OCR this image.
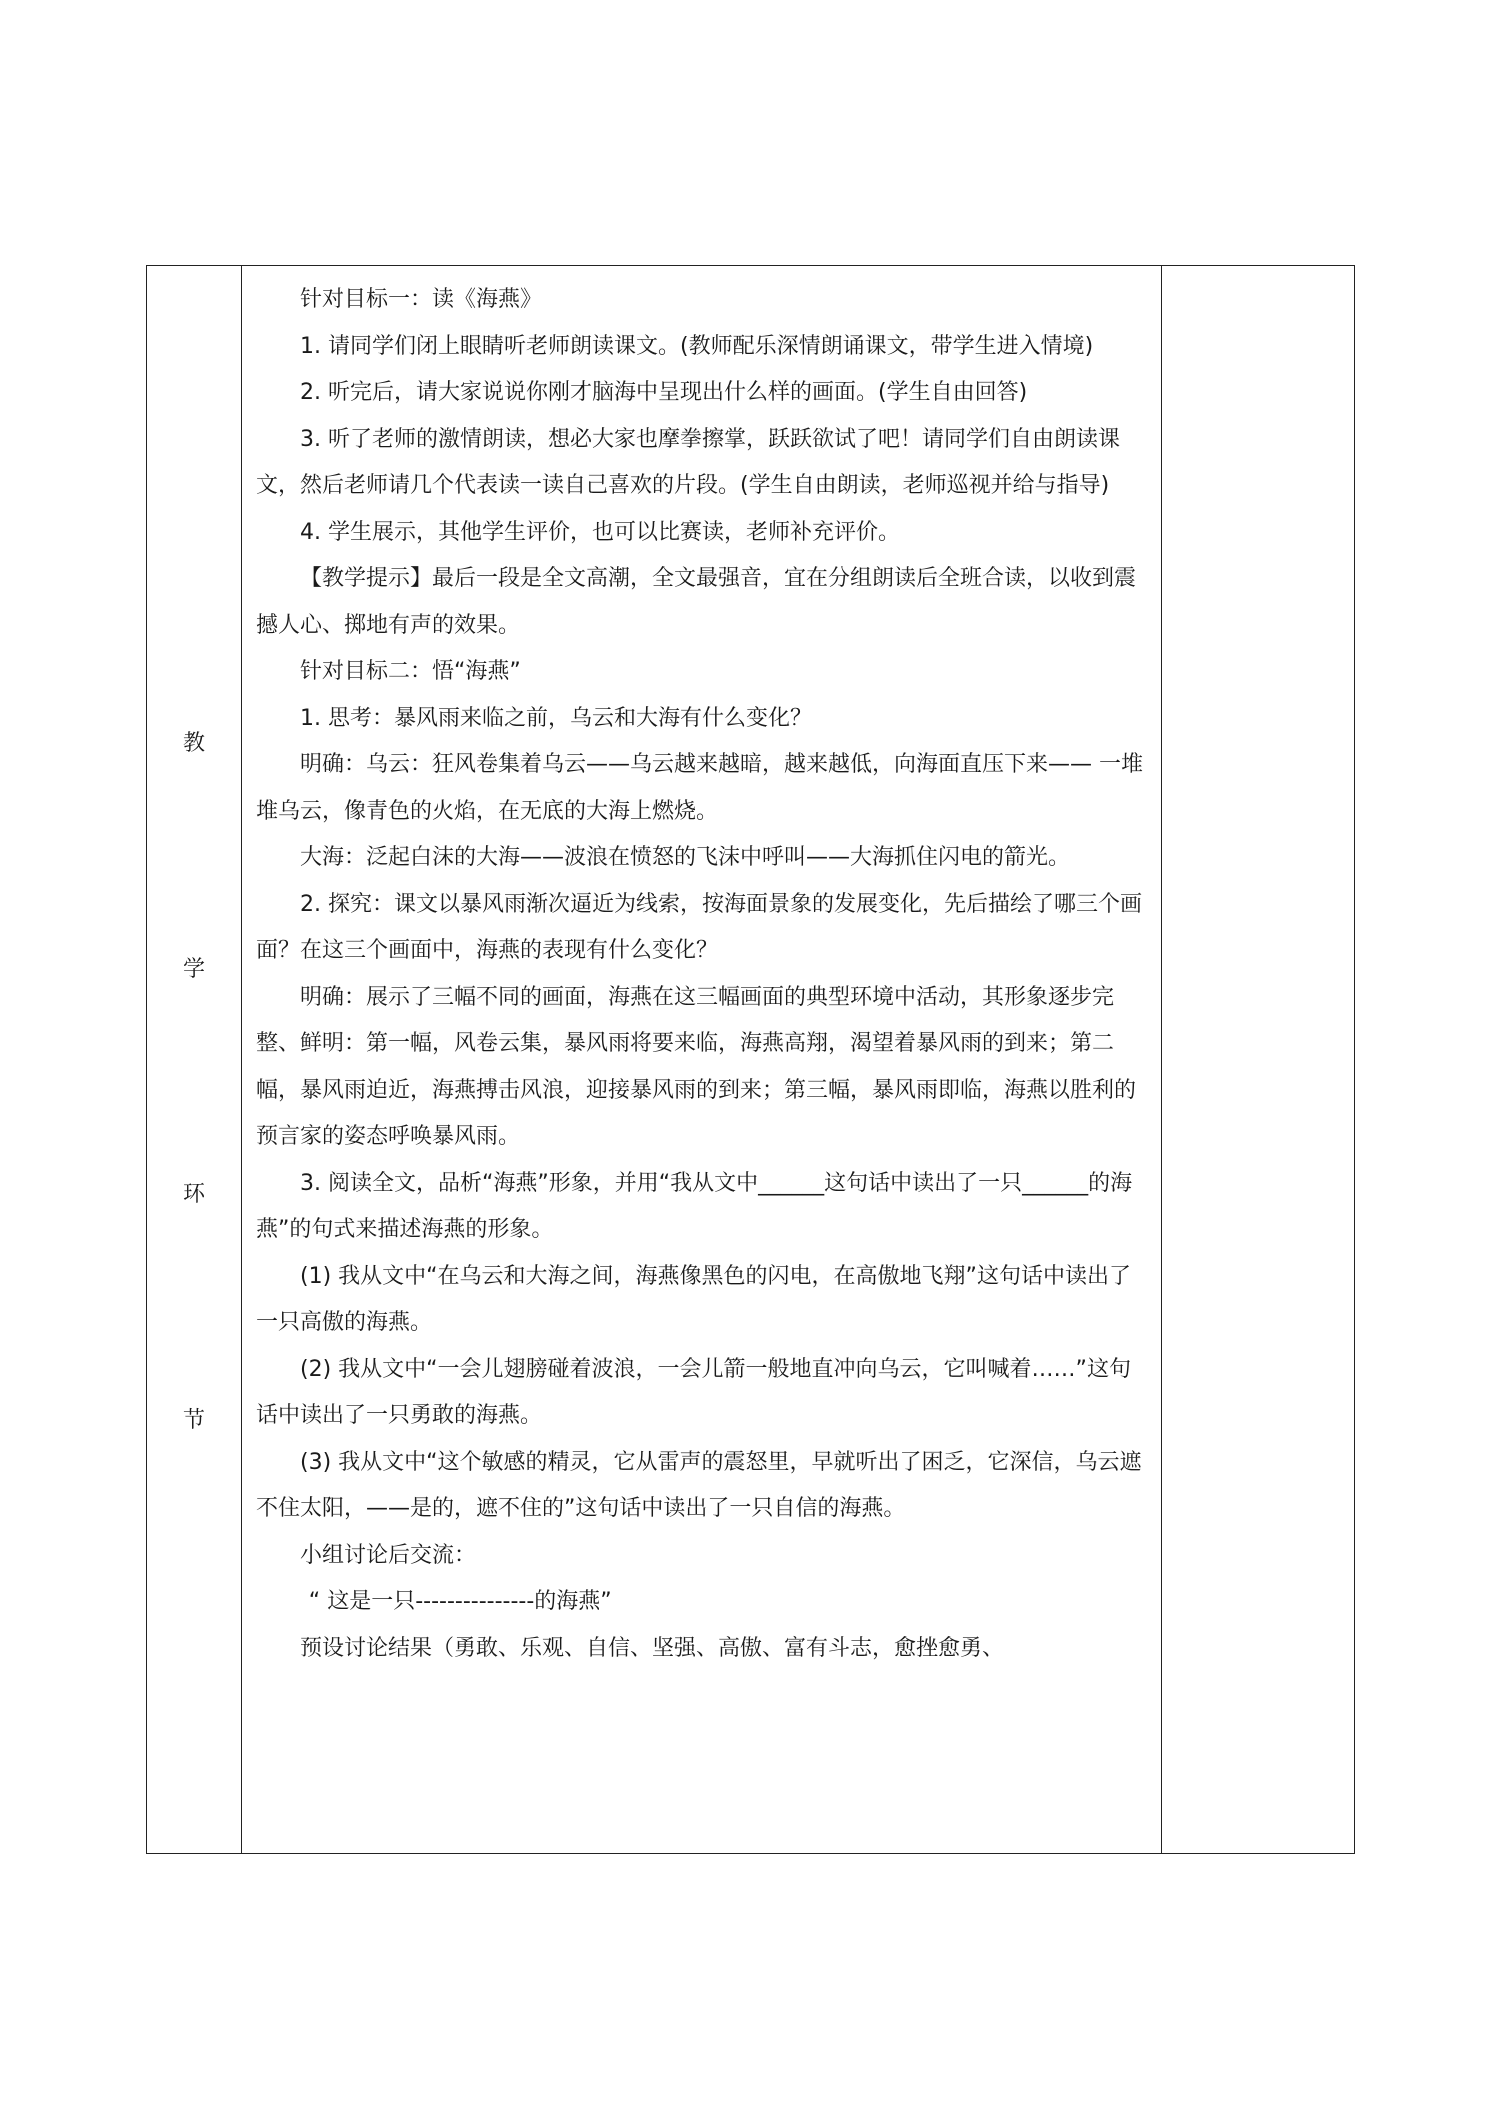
教
学
环
节

针对目标一：读《海燕》

1. 请同学们闭上眼睛听老师朗读课文。(教师配乐深情朗诵课文，带学生进入情境)

2. 听完后，请大家说说你刚才脑海中呈现出什么样的画面。(学生自由回答)

3. 听了老师的激情朗读，想必大家也摩拳擦掌，跃跃欲试了吧！请同学们自由朗读课文，然后老师请几个代表读一读自己喜欢的片段。(学生自由朗读，老师巡视并给与指导)

4. 学生展示，其他学生评价，也可以比赛读，老师补充评价。

【教学提示】最后一段是全文高潮，全文最强音，宜在分组朗读后全班合读，以收到震撼人心、掷地有声的效果。

针对目标二：悟“海燕”

1. 思考：暴风雨来临之前，乌云和大海有什么变化？

明确：乌云：狂风卷集着乌云——乌云越来越暗，越来越低，向海面直压下来—— 一堆堆乌云，像青色的火焰，在无底的大海上燃烧。

大海：泛起白沫的大海——波浪在愤怒的飞沫中呼叫——大海抓住闪电的箭光。

2. 探究：课文以暴风雨渐次逼近为线索，按海面景象的发展变化，先后描绘了哪三个画面？在这三个画面中，海燕的表现有什么变化？

明确：展示了三幅不同的画面，海燕在这三幅画面的典型环境中活动，其形象逐步完整、鲜明：第一幅，风卷云集，暴风雨将要来临，海燕高翔，渴望着暴风雨的到来；第二幅，暴风雨迫近，海燕搏击风浪，迎接暴风雨的到来；第三幅，暴风雨即临，海燕以胜利的预言家的姿态呼唤暴风雨。

3. 阅读全文，品析“海燕”形象，并用“我从文中______这句话中读出了一只______的海燕”的句式来描述海燕的形象。

(1) 我从文中“在乌云和大海之间，海燕像黑色的闪电，在高傲地飞翔”这句话中读出了一只高傲的海燕。

(2) 我从文中“一会儿翅膀碰着波浪，一会儿箭一般地直冲向乌云，它叫喊着……”这句话中读出了一只勇敢的海燕。

(3) 我从文中“这个敏感的精灵，它从雷声的震怒里，早就听出了困乏，它深信，乌云遮不住太阳，——是的，遮不住的”这句话中读出了一只自信的海燕。

小组讨论后交流：

“ 这是一只---------------的海燕”

预设讨论结果（勇敢、乐观、自信、坚强、高傲、富有斗志，愈挫愈勇、
